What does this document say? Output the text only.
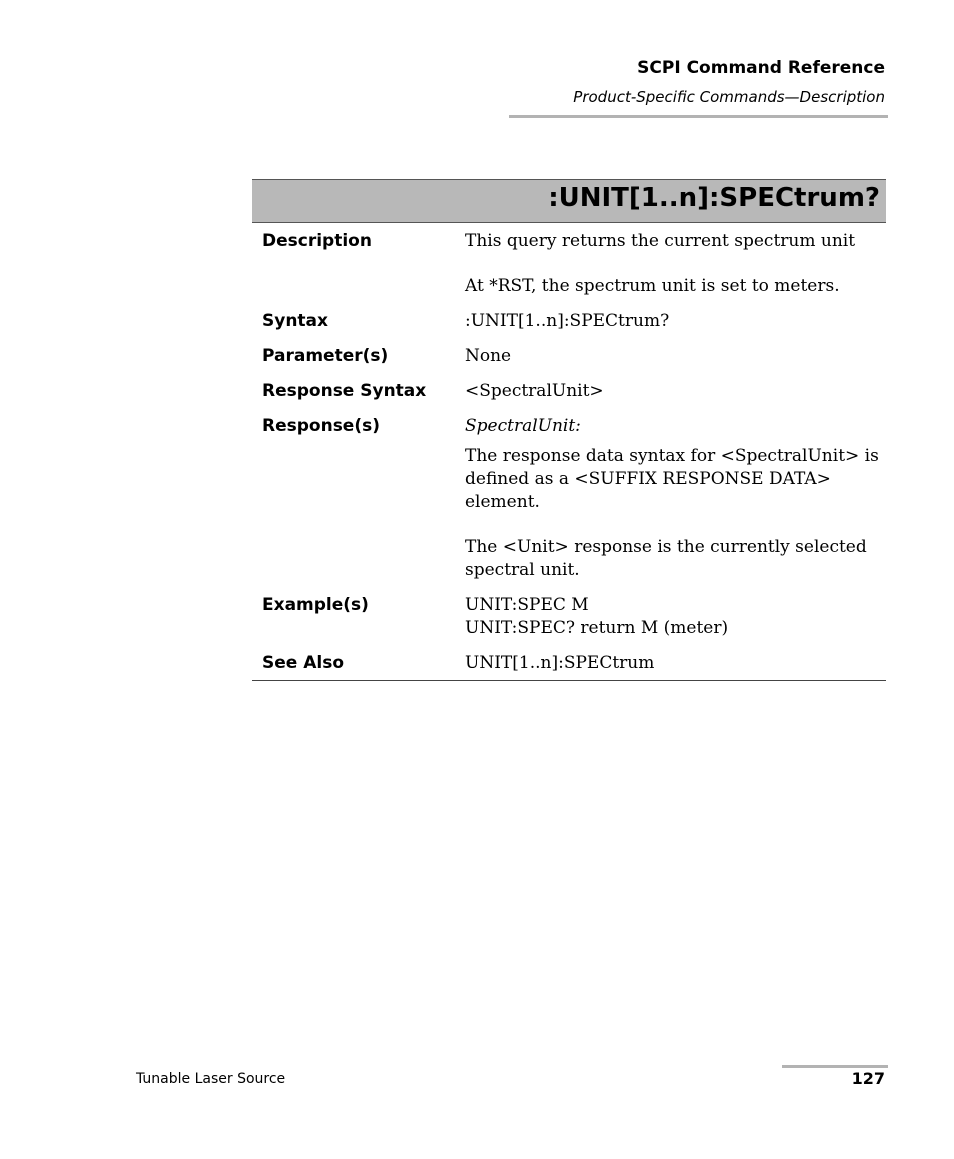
SCPI Command Reference
Product-Specific Commands—Description
:UNIT[1..n]:SPECtrum?
Description	This query returns the current spectrum unit

At *RST, the spectrum unit is set to meters.

Syntax	:UNIT[1..n]:SPECtrum?
Parameter(s)	None
Response Syntax	<SpectralUnit>
Response(s)	SpectralUnit:

The response data syntax for <SpectralUnit> is defined as a <SUFFIX RESPONSE DATA> element.

The <Unit> response is the currently selected spectral unit.

Example(s)	UNIT:SPEC M

UNIT:SPEC? return M (meter)

See Also	UNIT[1..n]:SPECtrum
Tunable Laser Source	127
